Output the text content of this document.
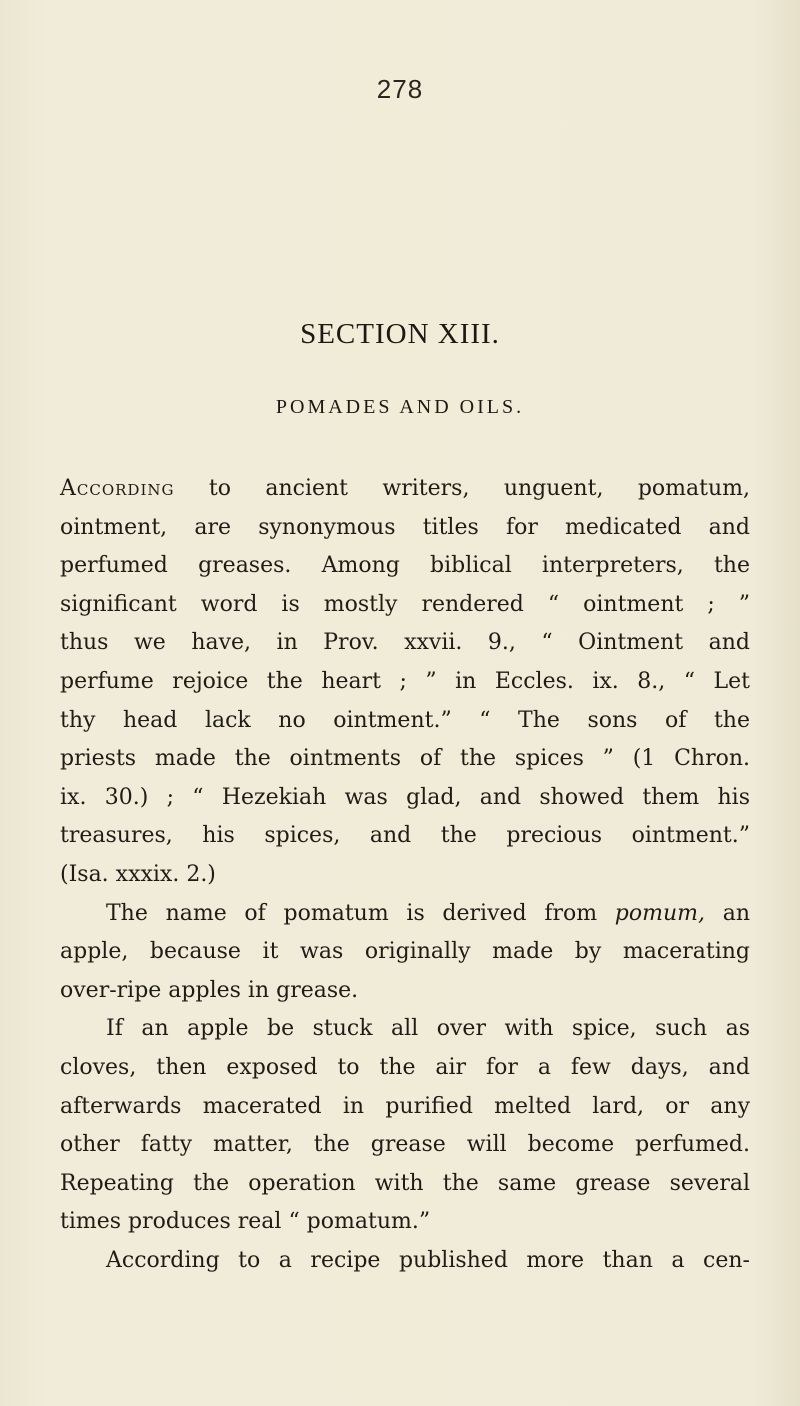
278
SECTION XIII.
POMADES AND OILS.
According to ancient writers, unguent, pomatum,
ointment, are synonymous titles for medicated and
perfumed greases. Among biblical interpreters, the
significant word is mostly rendered “ ointment ; ”
thus we have, in Prov. xxvii. 9., “ Ointment and
perfume rejoice the heart ; ” in Eccles. ix. 8., “ Let
thy head lack no ointment.” “ The sons of the
priests made the ointments of the spices ” (1 Chron.
ix. 30.) ; “ Hezekiah was glad, and showed them his
treasures, his spices, and the precious ointment.”
(Isa. xxxix. 2.)
The name of pomatum is derived from pomum, an
apple, because it was originally made by macerating
over-ripe apples in grease.
If an apple be stuck all over with spice, such as
cloves, then exposed to the air for a few days, and
afterwards macerated in purified melted lard, or any
other fatty matter, the grease will become perfumed.
Repeating the operation with the same grease several
times produces real “ pomatum.”
According to a recipe published more than a cen-
